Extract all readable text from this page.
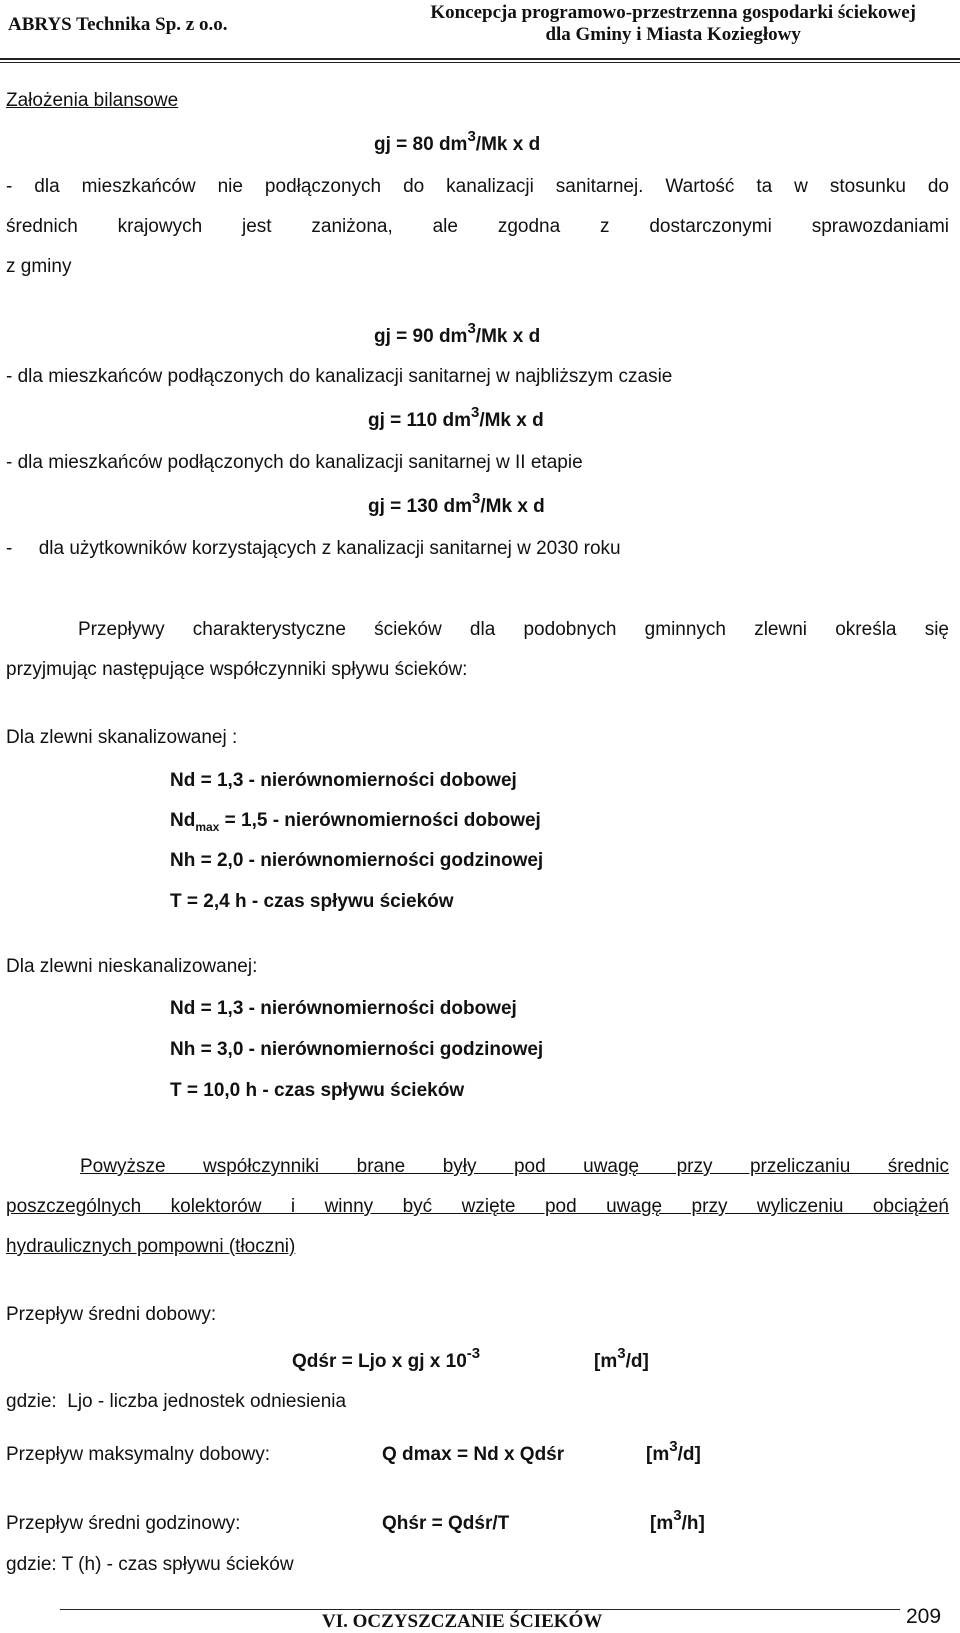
ABRYS Technika Sp. z o.o.
Koncepcja programowo-przestrzenna gospodarki ściekowej
dla Gminy i Miasta Koziegłowy
Założenia bilansowe
gj = 80 $dm^3/Mk$ x d
- dla mieszkańców nie podłączonych do kanalizacji sanitarnej. Wartość ta w stosunku do
średnich krajowych jest zaniżona, ale zgodna z dostarczonymi sprawozdaniami
z gminy
gj = 90 $dm^3/Mk$ x d
- dla mieszkańców podłączonych do kanalizacji sanitarnej w najbliższym czasie
gj = 110 $dm^3/Mk$ x d
- dla mieszkańców podłączonych do kanalizacji sanitarnej w II etapie
gj = 130 $dm^3/Mk$ x d
-     dla użytkowników korzystających z kanalizacji sanitarnej w 2030 roku
Przepływy charakterystyczne ścieków dla podobnych gminnych zlewni określa się
przyjmując następujące współczynniki spływu ścieków:
Dla zlewni skanalizowanej :
Nd = 1,3 - nierównomierności dobowej
$Nd_{max} = 1,5$ - nierównomierności dobowej
Nh = 2,0 - nierównomierności godzinowej
T = 2,4 h - czas spływu ścieków
Dla zlewni nieskanalizowanej:
Nd = 1,3 - nierównomierności dobowej
Nh = 3,0 - nierównomierności godzinowej
T = 10,0 h - czas spływu ścieków
Powyższe współczynniki brane były pod uwagę przy przeliczaniu średnic
poszczególnych kolektorów i winny być wzięte pod uwagę przy wyliczeniu obciążeń
hydraulicznych pompowni (tłoczni)
Przepływ średni dobowy:
Qdśr = Ljo x gj x $10^{-3}$	$[m^3/d]$
gdzie:  Ljo - liczba jednostek odniesienia
Przepływ maksymalny dobowy:	Q dmax = Nd x Qdśr	$[m^3/d]$
Przepływ średni godzinowy:	Qhśr = Qdśr/T	$[m^3/h]$
gdzie: T (h) - czas spływu ścieków
VI. OCZYSZCZANIE ŚCIEKÓW	209
